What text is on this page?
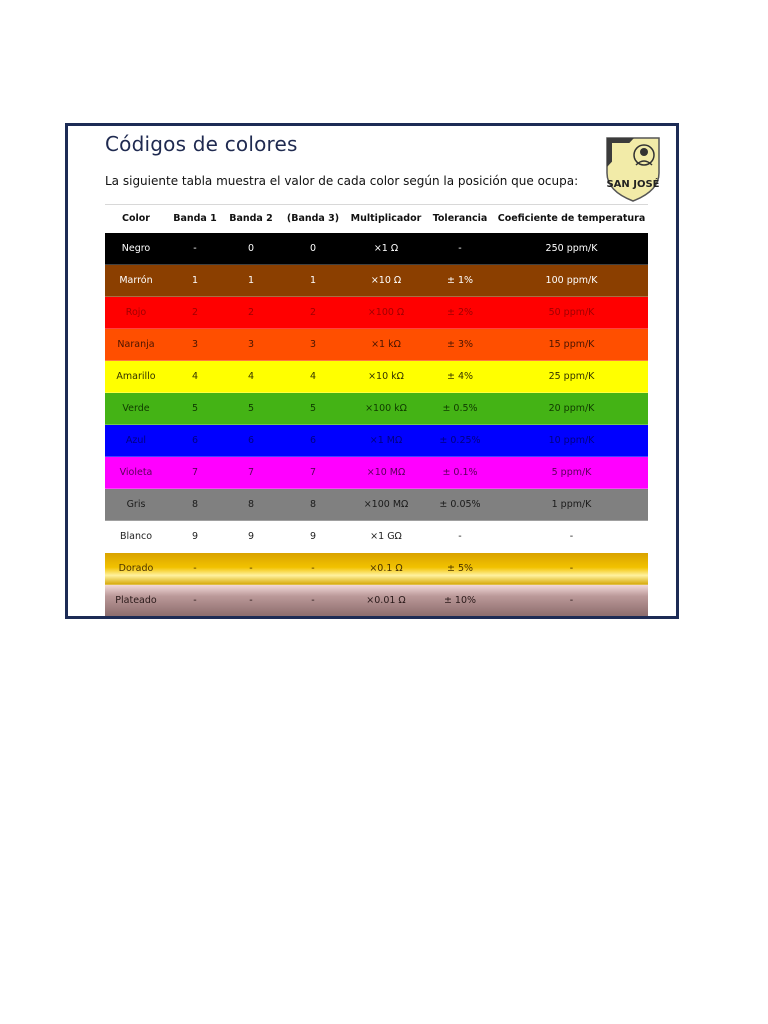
Códigos de colores
La siguiente tabla muestra el valor de cada color según la posición que ocupa:	SAN JOSÉ
Color	Banda 1	Banda 2	(Banda 3)	Multiplicador	Tolerancia	Coeficiente de temperatura
Negro	-	0	0	×1 Ω	-	250 ppm/K
Marrón	1	1	1	×10 Ω	± 1%	100 ppm/K
Rojo	2	2	2	×100 Ω	± 2%	50 ppm/K
Naranja	3	3	3	×1 kΩ	± 3%	15 ppm/K
Amarillo	4	4	4	×10 kΩ	± 4%	25 ppm/K
Verde	5	5	5	×100 kΩ	± 0.5%	20 ppm/K
Azul	6	6	6	×1 MΩ	± 0.25%	10 ppm/K
Violeta	7	7	7	×10 MΩ	± 0.1%	5 ppm/K
Gris	8	8	8	×100 MΩ	± 0.05%	1 ppm/K
Blanco	9	9	9	×1 GΩ	-	-
Dorado	-	-	-	×0.1 Ω	± 5%	-
Plateado	-	-	-	×0.01 Ω	± 10%	-
